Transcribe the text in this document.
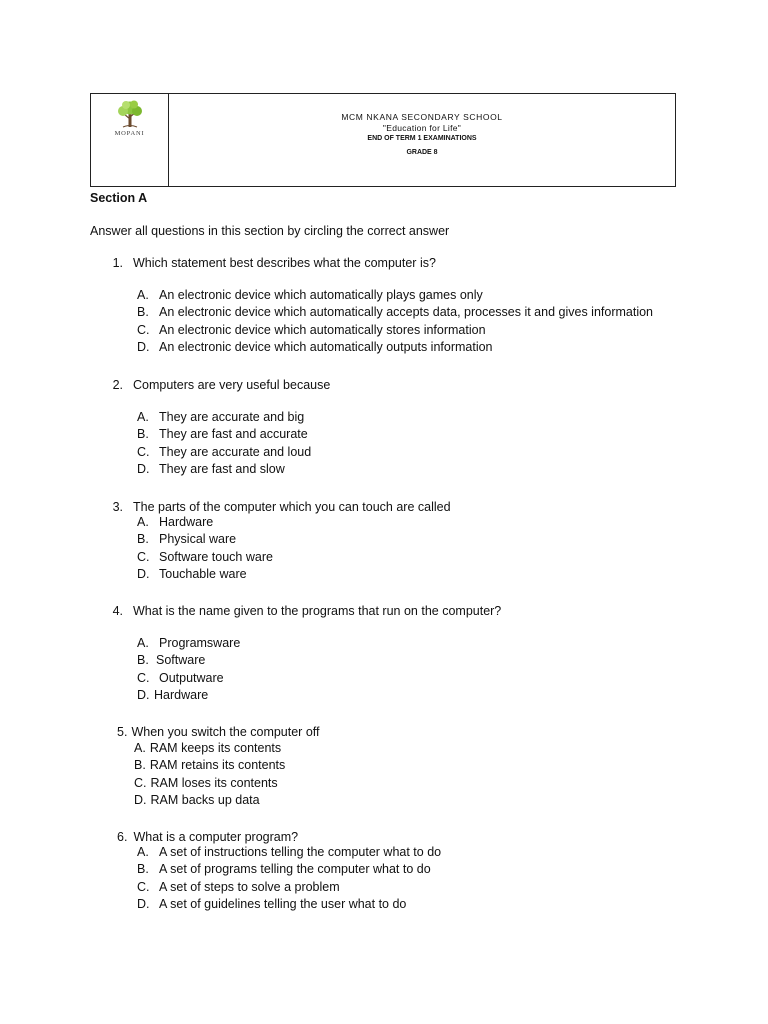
MOPANI
MCM NKANA SECONDARY SCHOOL
"Education for Life"
END OF TERM 1 EXAMINATIONS
GRADE 8
Section A
Answer all questions in this section by circling the correct answer
1. Which statement best describes what the computer is?
A. An electronic device which automatically plays games only
B. An electronic device which automatically accepts data, processes it and gives information
C. An electronic device which automatically stores information
D. An electronic device which automatically outputs information
2. Computers are very useful because
A. They are accurate and big
B. They are fast and accurate
C. They are accurate and loud
D. They are fast and slow
3. The parts of the computer which you can touch are called
A. Hardware
B. Physical ware
C. Software touch ware
D. Touchable ware
4. What is the name given to the programs that run on the computer?
A. Programsware
B. Software
C. Outputware
D. Hardware
5. When you switch the computer off
A. RAM keeps its contents
B. RAM retains its contents
C. RAM loses its contents
D. RAM backs up data
6. What is a computer program?
A. A set of instructions telling the computer what to do
B. A set of programs telling the computer what to do
C. A set of steps to solve a problem
D. A set of guidelines telling the user what to do
